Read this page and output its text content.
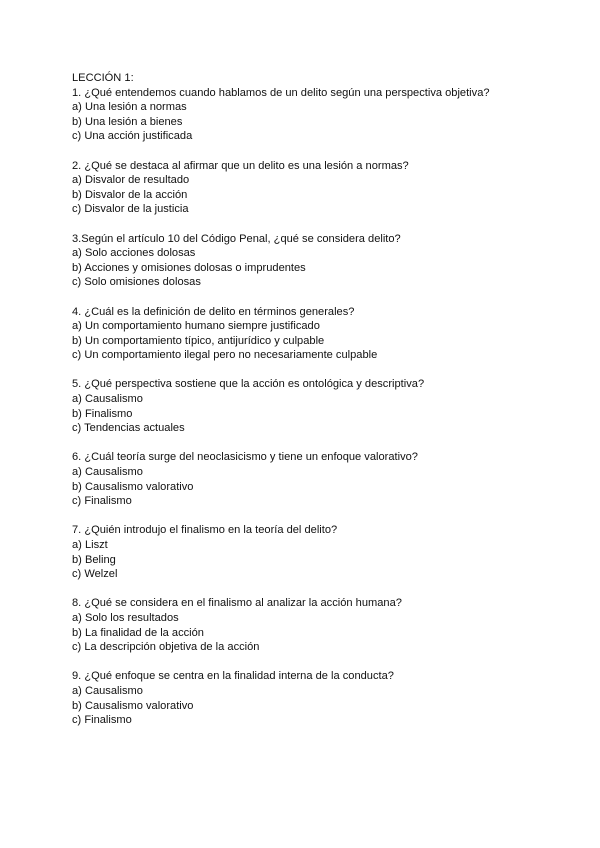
LECCIÓN 1:
1. ¿Qué entendemos cuando hablamos de un delito según una perspectiva objetiva?
a) Una lesión a normas
b) Una lesión a bienes
c) Una acción justificada
2. ¿Qué se destaca al afirmar que un delito es una lesión a normas?
a) Disvalor de resultado
b) Disvalor de la acción
c) Disvalor de la justicia
3.Según el artículo 10 del Código Penal, ¿qué se considera delito?
a) Solo acciones dolosas
b) Acciones y omisiones dolosas o imprudentes
c) Solo omisiones dolosas
4. ¿Cuál es la definición de delito en términos generales?
a) Un comportamiento humano siempre justificado
b) Un comportamiento típico, antijurídico y culpable
c) Un comportamiento ilegal pero no necesariamente culpable
5. ¿Qué perspectiva sostiene que la acción es ontológica y descriptiva?
a) Causalismo
b) Finalismo
c) Tendencias actuales
6. ¿Cuál teoría surge del neoclasicismo y tiene un enfoque valorativo?
a) Causalismo
b) Causalismo valorativo
c) Finalismo
7. ¿Quién introdujo el finalismo en la teoría del delito?
a) Liszt
b) Beling
c) Welzel
8. ¿Qué se considera en el finalismo al analizar la acción humana?
a) Solo los resultados
b) La finalidad de la acción
c) La descripción objetiva de la acción
9. ¿Qué enfoque se centra en la finalidad interna de la conducta?
a) Causalismo
b) Causalismo valorativo
c) Finalismo
